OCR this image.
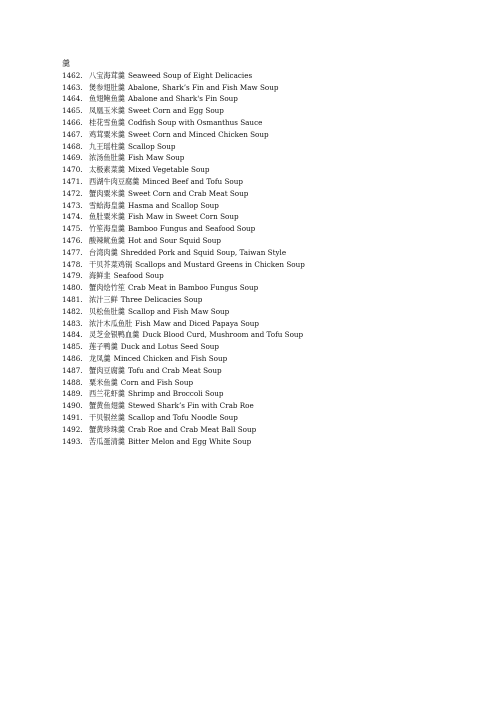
羹
1462. 八宝海茸羹 Seaweed Soup of Eight Delicacies
1463. 煲参翅肚羹 Abalone, Shark’s Fin and Fish Maw Soup
1464. 鱼翅鲍鱼羹 Abalone and Shark's Fin Soup
1465. 凤凰玉米羹 Sweet Corn and Egg Soup
1466. 桂花雪鱼羹 Codfish Soup with Osmanthus Sauce
1467. 鸡茸粟米羹 Sweet Corn and Minced Chicken Soup
1468. 九王瑶柱羹 Scallop Soup
1469. 浓汤鱼肚羹 Fish Maw Soup
1470. 太极素菜羹 Mixed Vegetable Soup
1471. 西湖牛肉豆腐羹 Minced Beef and Tofu Soup
1472. 蟹肉粟米羹 Sweet Corn and Crab Meat Soup
1473. 雪蛤海皇羹 Hasma and Scallop Soup
1474. 鱼肚粟米羹 Fish Maw in Sweet Corn Soup
1475. 竹笙海皇羹 Bamboo Fungus and Seafood Soup
1476. 酸辣鱿鱼羹 Hot and Sour Squid Soup
1477. 台湾肉羹 Shredded Pork and Squid Soup, Taiwan Style
1478. 干贝芥菜鸡锅 Scallops and Mustard Greens in Chicken Soup
1479. 海鲜韭 Seafood Soup
1480. 蟹肉烩竹笙 Crab Meat in Bamboo Fungus Soup
1481. 浓汁三鲜 Three Delicacies Soup
1482. 贝松鱼肚羹 Scallop and Fish Maw Soup
1483. 浓汁木瓜鱼肚 Fish Maw and Diced Papaya Soup
1484. 灵芝金银鸭血羹 Duck Blood Curd, Mushroom and Tofu Soup
1485. 莲子鸭羹 Duck and Lotus Seed Soup
1486. 龙凤羹 Minced Chicken and Fish Soup
1487. 蟹肉豆腐羹 Tofu and Crab Meat Soup
1488. 粟米鱼羹 Corn and Fish Soup
1489. 西兰花虾羹 Shrimp and Broccoli Soup
1490. 蟹黄鱼翅羹 Stewed Shark’s Fin with Crab Roe
1491. 干贝银丝羹 Scallop and Tofu Noodle Soup
1492. 蟹黄珍珠羹 Crab Roe and Crab Meat Ball Soup
1493. 苦瓜蛋清羹 Bitter Melon and Egg White Soup
